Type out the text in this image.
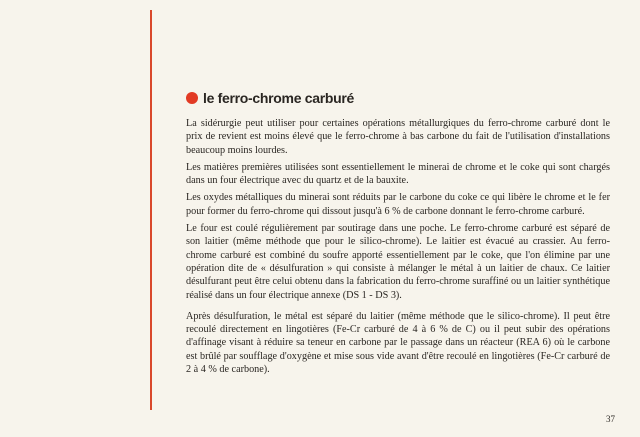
le ferro-chrome carburé

La sidérurgie peut utiliser pour certaines opérations métallurgiques du ferro-chrome carburé dont le prix de revient est moins élevé que le ferro-chrome à bas carbone du fait de l'utilisation d'installations beaucoup moins lourdes.

Les matières premières utilisées sont essentiellement le minerai de chrome et le coke qui sont chargés dans un four électrique avec du quartz et de la bauxite.

Les oxydes métalliques du minerai sont réduits par le carbone du coke ce qui libère le chrome et le fer pour former du ferro-chrome qui dissout jusqu'à 6 % de carbone donnant le ferro-chrome carburé.

Le four est coulé régulièrement par soutirage dans une poche. Le ferro-chrome carburé est séparé de son laitier (même méthode que pour le silico-chrome). Le laitier est évacué au crassier. Au ferro-chrome carburé est combiné du soufre apporté essentiellement par le coke, que l'on élimine par une opération dite de « désulfuration » qui consiste à mélanger le métal à un laitier de chaux. Ce laitier désulfurant peut être celui obtenu dans la fabrication du ferro-chrome suraffiné ou un laitier synthétique réalisé dans un four électrique annexe (DS 1 - DS 3).

Après désulfuration, le métal est séparé du laitier (même méthode que le silico-chrome). Il peut être recoulé directement en lingotières (Fe-Cr carburé de 4 à 6 % de C) ou il peut subir des opérations d'affinage visant à réduire sa teneur en carbone par le passage dans un réacteur (REA 6) où le carbone est brûlé par soufflage d'oxygène et mise sous vide avant d'être recoulé en lingotières (Fe-Cr carburé de 2 à 4 % de carbone).

37
